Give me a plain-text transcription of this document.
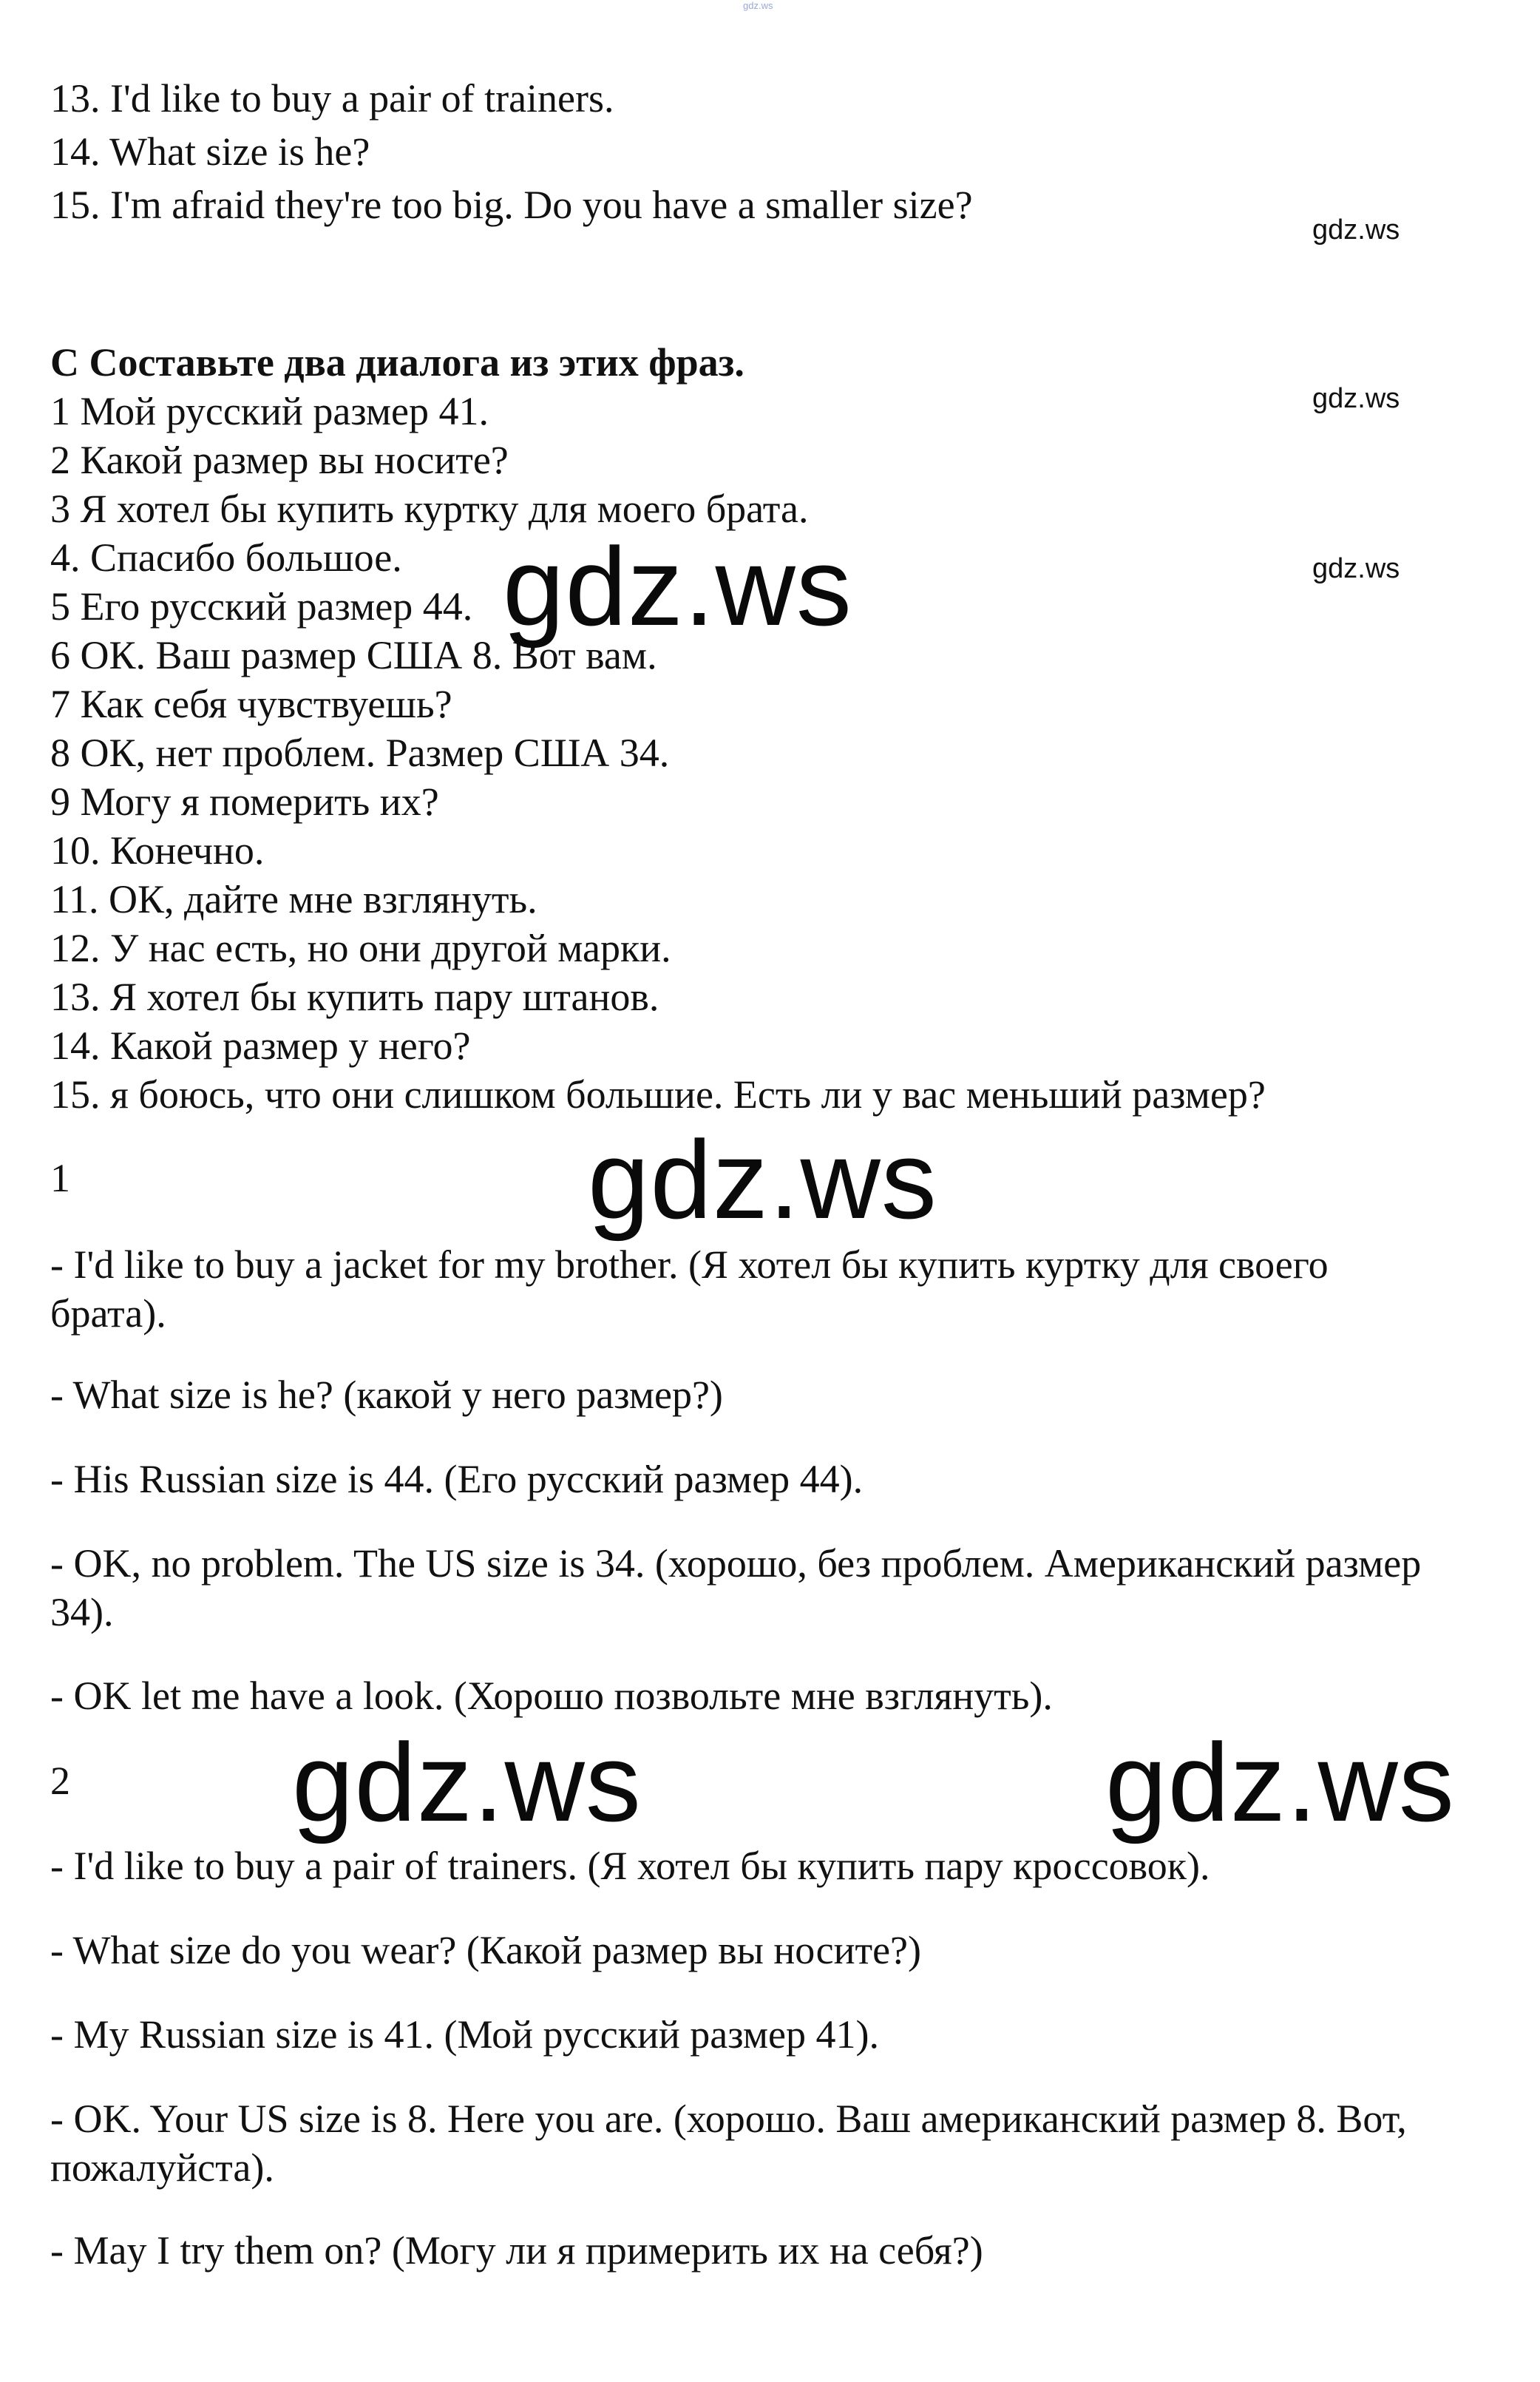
gdz.ws
13. I'd like to buy a pair of trainers.
14. What size is he?
15. I'm afraid they're too big. Do you have a smaller size?
gdz.ws
gdz.ws
gdz.ws
C Составьте два диалога из этих фраз.
1 Мой русский размер 41.
2 Какой размер вы носите?
3 Я хотел бы купить куртку для моего брата.
4. Спасибо большое.
5 Его русский размер 44.
6 ОК. Ваш размер США 8. Вот вам.
7 Как себя чувствуешь?
8 ОК, нет проблем. Размер США 34.
9 Могу я померить их?
10. Конечно.
11. ОК, дайте мне взглянуть.
12. У нас есть, но они другой марки.
13. Я хотел бы купить пару штанов.
14. Какой размер у него?
15. я боюсь, что они слишком большие. Есть ли у вас меньший размер?
gdz.ws
1	gdz.ws
- I'd like to buy a jacket for my brother. (Я хотел бы купить куртку для своего брата).
- What size is he? (какой у него размер?)
- His Russian size is 44. (Его русский размер 44).
- OK, no problem. The US size is 34. (хорошо, без проблем. Американский размер 34).
- OK let me have a look. (Хорошо позвольте мне взглянуть).
2 gdz.ws	gdz.ws
- I'd like to buy a pair of trainers. (Я хотел бы купить пару кроссовок).
- What size do you wear? (Какой размер вы носите?)
- My Russian size is 41. (Мой русский размер 41).
- OK. Your US size is 8. Here you are. (хорошо. Ваш американский размер 8. Вот, пожалуйста).
- May I try them on? (Могу ли я примерить их на себя?)
